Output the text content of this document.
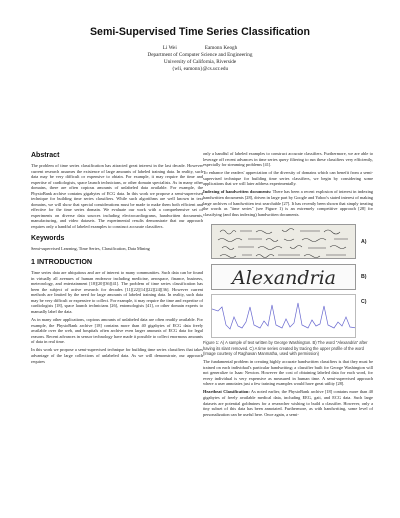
Semi-Supervised Time Series Classification
Li Wei	Eamonn Keogh
Department of Computer Science and Engineering
University of California, Riverside
{wli, eamonn}@cs.ucr.edu
Abstract

The problem of time series classification has attracted great interest in the last decade. However current research assumes the existence of large amounts of labeled training data. In reality, such data may be very difficult or expensive to obtain. For example, it may require the time and expertise of cardiologists, space launch technicians, or other domain specialists. As in many other domains, there are often copious amounts of unlabeled data available. For example, the PhysioBank archive contains gigabytes of ECG data. In this work we propose a semi-supervised technique for building time series classifiers. While such algorithms are well known in text domains, we will show that special considerations must be made to make them both efficient and effective for the time series domain. We evaluate our work with a comprehensive set of experiments on diverse data sources including electrocardiograms, handwritten documents, manufacturing, and video datasets. The experimental results demonstrate that our approach requires only a handful of labeled examples to construct accurate classifiers.

Keywords

Semi-supervised Learning, Time Series, Classification, Data Mining

1 INTRODUCTION

Time series data are ubiquitous and are of interest to many communities. Such data can be found in virtually all avenues of human endeavor including medicine, aerospace, finance, business, meteorology, and entertainment [18][20][36][41]. The problem of time series classification has been the subject of active research for decades [11][22][14][22][24][36]. However current methods are limited by the need for large amounts of labeled training data. In reality, such data may be very difficult or expensive to collect. For example, it may require the time and expertise of cardiologists [18], space launch technicians [26], entomologists [41], or other domain experts to manually label the data.

As in many other applications, copious amounts of unlabeled data are often readily available. For example, the PhysioBank archive [18] contains more than 40 gigabytes of ECG data freely available over the web, and hospitals often archive even larger amounts of ECG data for legal reasons. Recent advances in sensor technology have made it possible to collect enormous amounts of data in real time.

In this work we propose a semi-supervised technique for building time series classifiers that takes advantage of the large collections of unlabeled data. As we will demonstrate, our approach requires

only a handful of labeled examples to construct accurate classifiers. Furthermore, we are able to leverage off recent advances in time series query filtering to run these classifiers very efficiently, especially for streaming problems [41].

To enhance the readers' appreciation of the diversity of domains which can benefit from a semi-supervised technique for building time series classifiers, we begin by considering some applications that we will later address experimentally.

Indexing of handwritten documents: There has been a recent explosion of interest in indexing handwritten documents [28], driven in large part by Google and Yahoo's stated interest of making large archives of handwritten text searchable [27]. It has recently been shown that simply treating the words as "time series" (see Figure 1) is an extremely competitive approach [28] for classifying (and thus indexing) handwritten documents.

A)
Alexandria	B)
C)

Figure 1: A) A sample of text written by George Washington. B) The word "Alexandria" after having its slant removed. C) A time series created by tracing the upper profile of the word (Image courtesy of Raghavan Manmatha, used with permission)

The fundamental problem in creating highly accurate handwritten classifiers is that they must be trained on each individual's particular handwriting; a classifier built for George Washington will not generalize to Isaac Newton. However the cost of obtaining labeled data for each word, for every individual is very expensive as measured in human time. A semi-supervised approach where a user annotates just a few training examples would have great utility [28].

Heartbeat Classification: As noted earlier, the PhysioBank archive [18] contains more than 40 gigabytes of freely available medical data, including EEG, gait, and ECG data. Such large datasets are potential goldmines for a researcher wishing to build a classifier. However, only a tiny subset of this data has been annotated. Furthermore, as with handwriting, some level of personalization can be useful here. Once again, a semi-
